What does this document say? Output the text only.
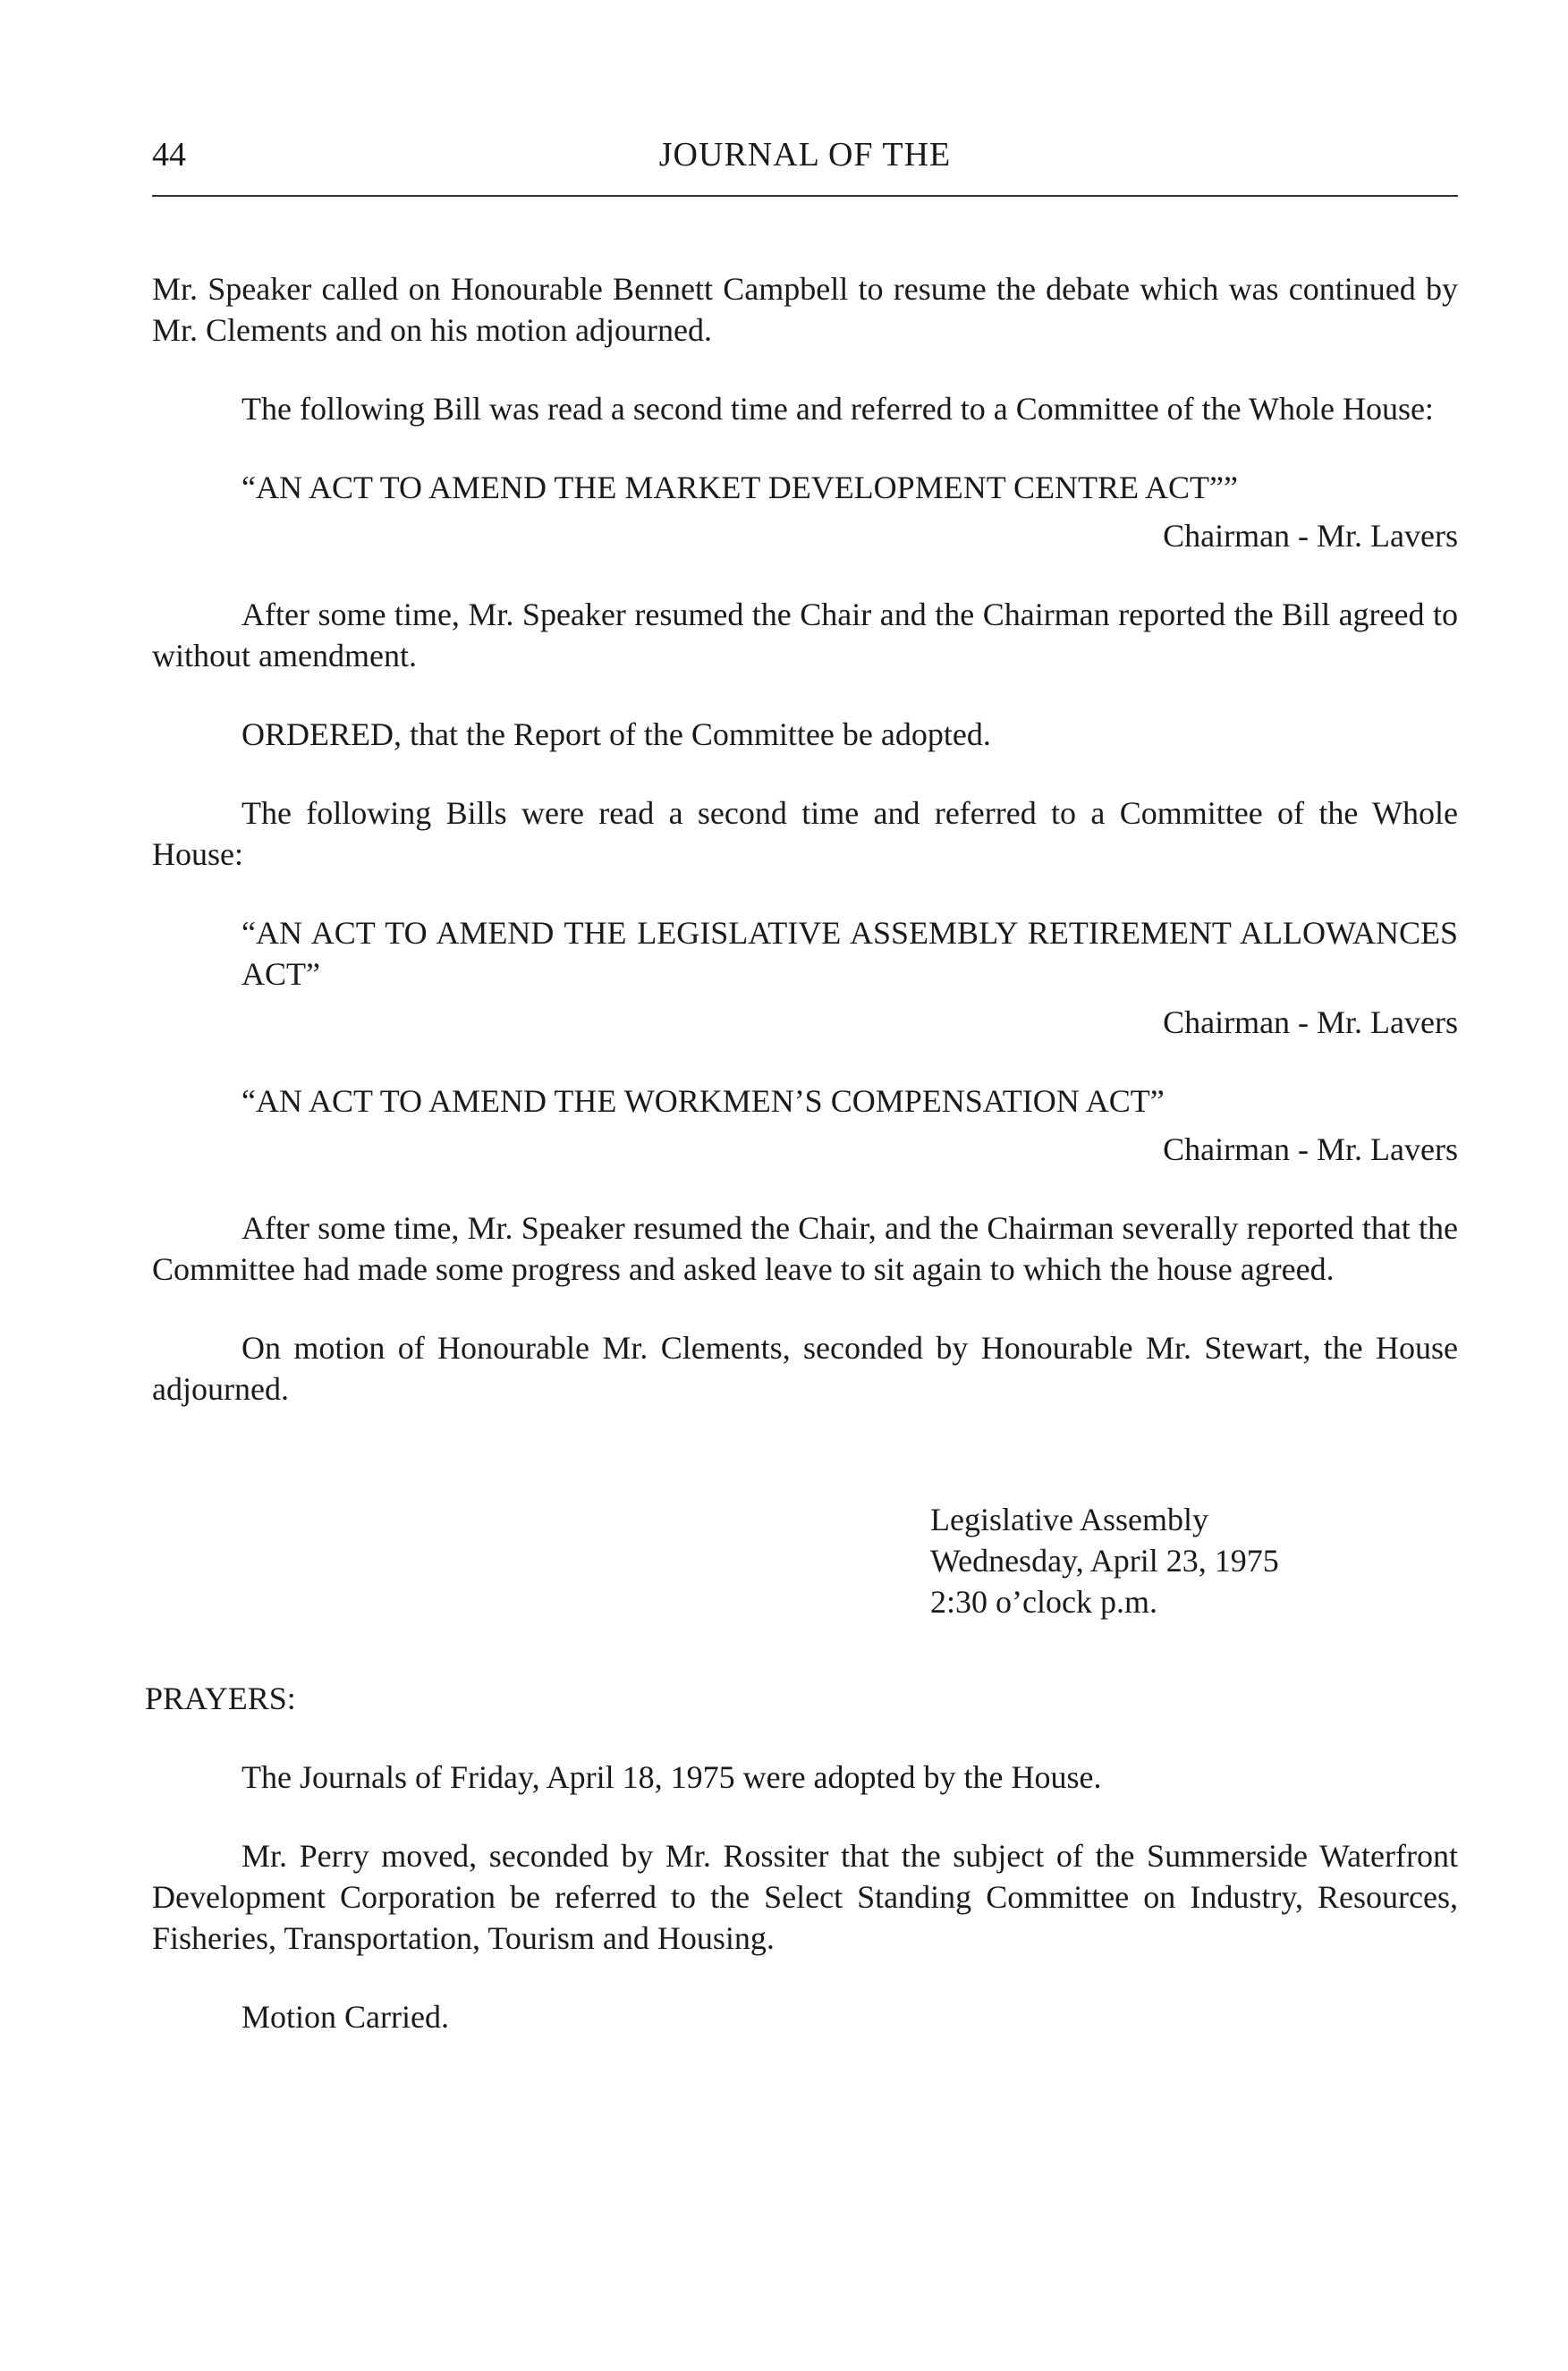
44	JOURNAL OF THE

Mr. Speaker called on Honourable Bennett Campbell to resume the debate which was continued by Mr. Clements and on his motion adjourned.

The following Bill was read a second time and referred to a Committee of the Whole House:

“AN ACT TO AMEND THE MARKET DEVELOPMENT CENTRE ACT””

Chairman - Mr. Lavers

After some time, Mr. Speaker resumed the Chair and the Chairman reported the Bill agreed to without amendment.

ORDERED, that the Report of the Committee be adopted.

The following Bills were read a second time and referred to a Committee of the Whole House:

“AN ACT TO AMEND THE LEGISLATIVE ASSEMBLY RETIREMENT ALLOWANCES ACT”

Chairman - Mr. Lavers

“AN ACT TO AMEND THE WORKMEN’S COMPENSATION ACT”

Chairman - Mr. Lavers

After some time, Mr. Speaker resumed the Chair, and the Chairman severally reported that the Committee had made some progress and asked leave to sit again to which the house agreed.

On motion of Honourable Mr. Clements, seconded by Honourable Mr. Stewart, the House adjourned.

Legislative Assembly
Wednesday, April 23, 1975
2:30 o’clock p.m.

PRAYERS:

The Journals of Friday, April 18, 1975 were adopted by the House.

Mr. Perry moved, seconded by Mr. Rossiter that the subject of the Summerside Waterfront Development Corporation be referred to the Select Standing Committee on Industry, Resources, Fisheries, Transportation, Tourism and Housing.

Motion Carried.
